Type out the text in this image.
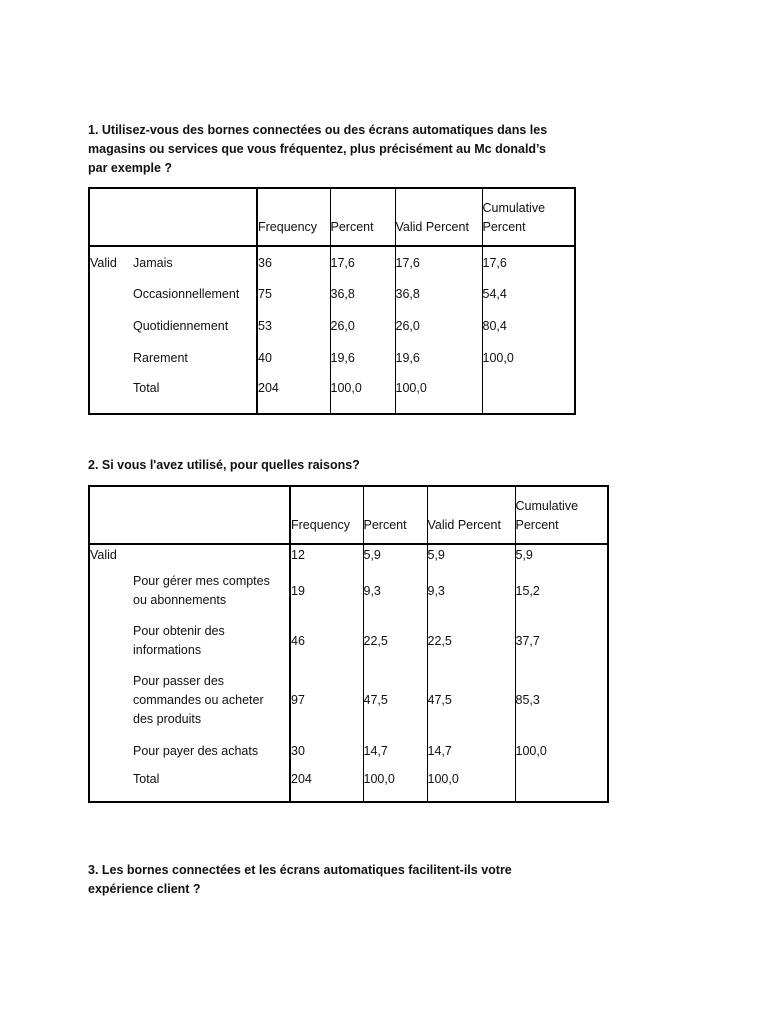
1. Utilisez-vous des bornes connectées ou des écrans automatiques dans les magasins ou services que vous fréquentez, plus précisément au Mc donald’s par exemple ?
		Frequency	Percent	Valid Percent	Cumulative Percent
Valid	Jamais	36	17,6	17,6	17,6
	Occasionnellement	75	36,8	36,8	54,4
	Quotidiennement	53	26,0	26,0	80,4
	Rarement	40	19,6	19,6	100,0
	Total	204	100,0	100,0	
2. Si vous l'avez utilisé, pour quelles raisons?
		Frequency	Percent	Valid Percent	Cumulative Percent
Valid		12	5,9	5,9	5,9
	Pour gérer mes comptes ou abonnements	19	9,3	9,3	15,2
	Pour obtenir des informations	46	22,5	22,5	37,7
	Pour passer des commandes ou acheter des produits	97	47,5	47,5	85,3
	Pour payer des achats	30	14,7	14,7	100,0
	Total	204	100,0	100,0	
3. Les bornes connectées et les écrans automatiques facilitent-ils votre expérience client ?
